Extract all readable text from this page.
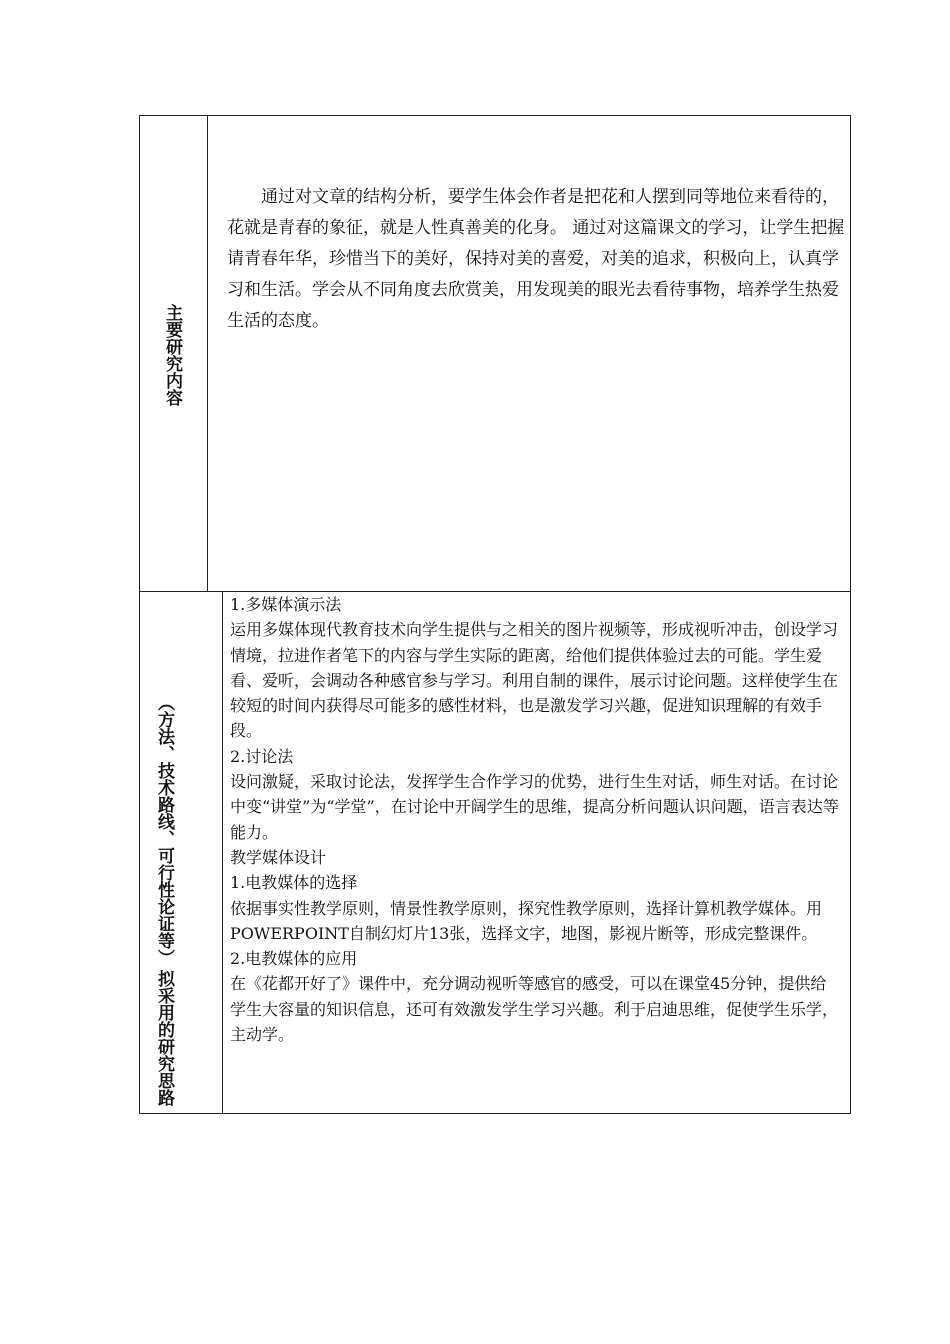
主要研究内容
通过对文章的结构分析，要学生体会作者是把花和人摆到同等地位来看待的，花就是青春的象征，就是人性真善美的化身。 通过对这篇课文的学习，让学生把握请青春年华，珍惜当下的美好，保持对美的喜爱，对美的追求，积极向上，认真学习和生活。学会从不同角度去欣赏美，用发现美的眼光去看待事物，培养学生热爱生活的态度。
拟采用的研究思路
（方法、技术路线、可行性论证等）

1.多媒体演示法

运用多媒体现代教育技术向学生提供与之相关的图片视频等，形成视听冲击，创设学习情境，拉进作者笔下的内容与学生实际的距离，给他们提供体验过去的可能。学生爱看、爱听，会调动各种感官参与学习。利用自制的课件，展示讨论问题。这样使学生在较短的时间内获得尽可能多的感性材料，也是激发学习兴趣，促进知识理解的有效手段。

2.讨论法

设问激疑，采取讨论法，发挥学生合作学习的优势，进行生生对话，师生对话。在讨论中变“讲堂”为“学堂”，在讨论中开阔学生的思维，提高分析问题认识问题，语言表达等能力。

教学媒体设计

1.电教媒体的选择

依据事实性教学原则，情景性教学原则，探究性教学原则，选择计算机教学媒体。用POWERPOINT自制幻灯片13张，选择文字，地图，影视片断等，形成完整课件。

2.电教媒体的应用

在《花都开好了》课件中，充分调动视听等感官的感受，可以在课堂45分钟，提供给学生大容量的知识信息，还可有效激发学生学习兴趣。利于启迪思维，促使学生乐学，主动学。
